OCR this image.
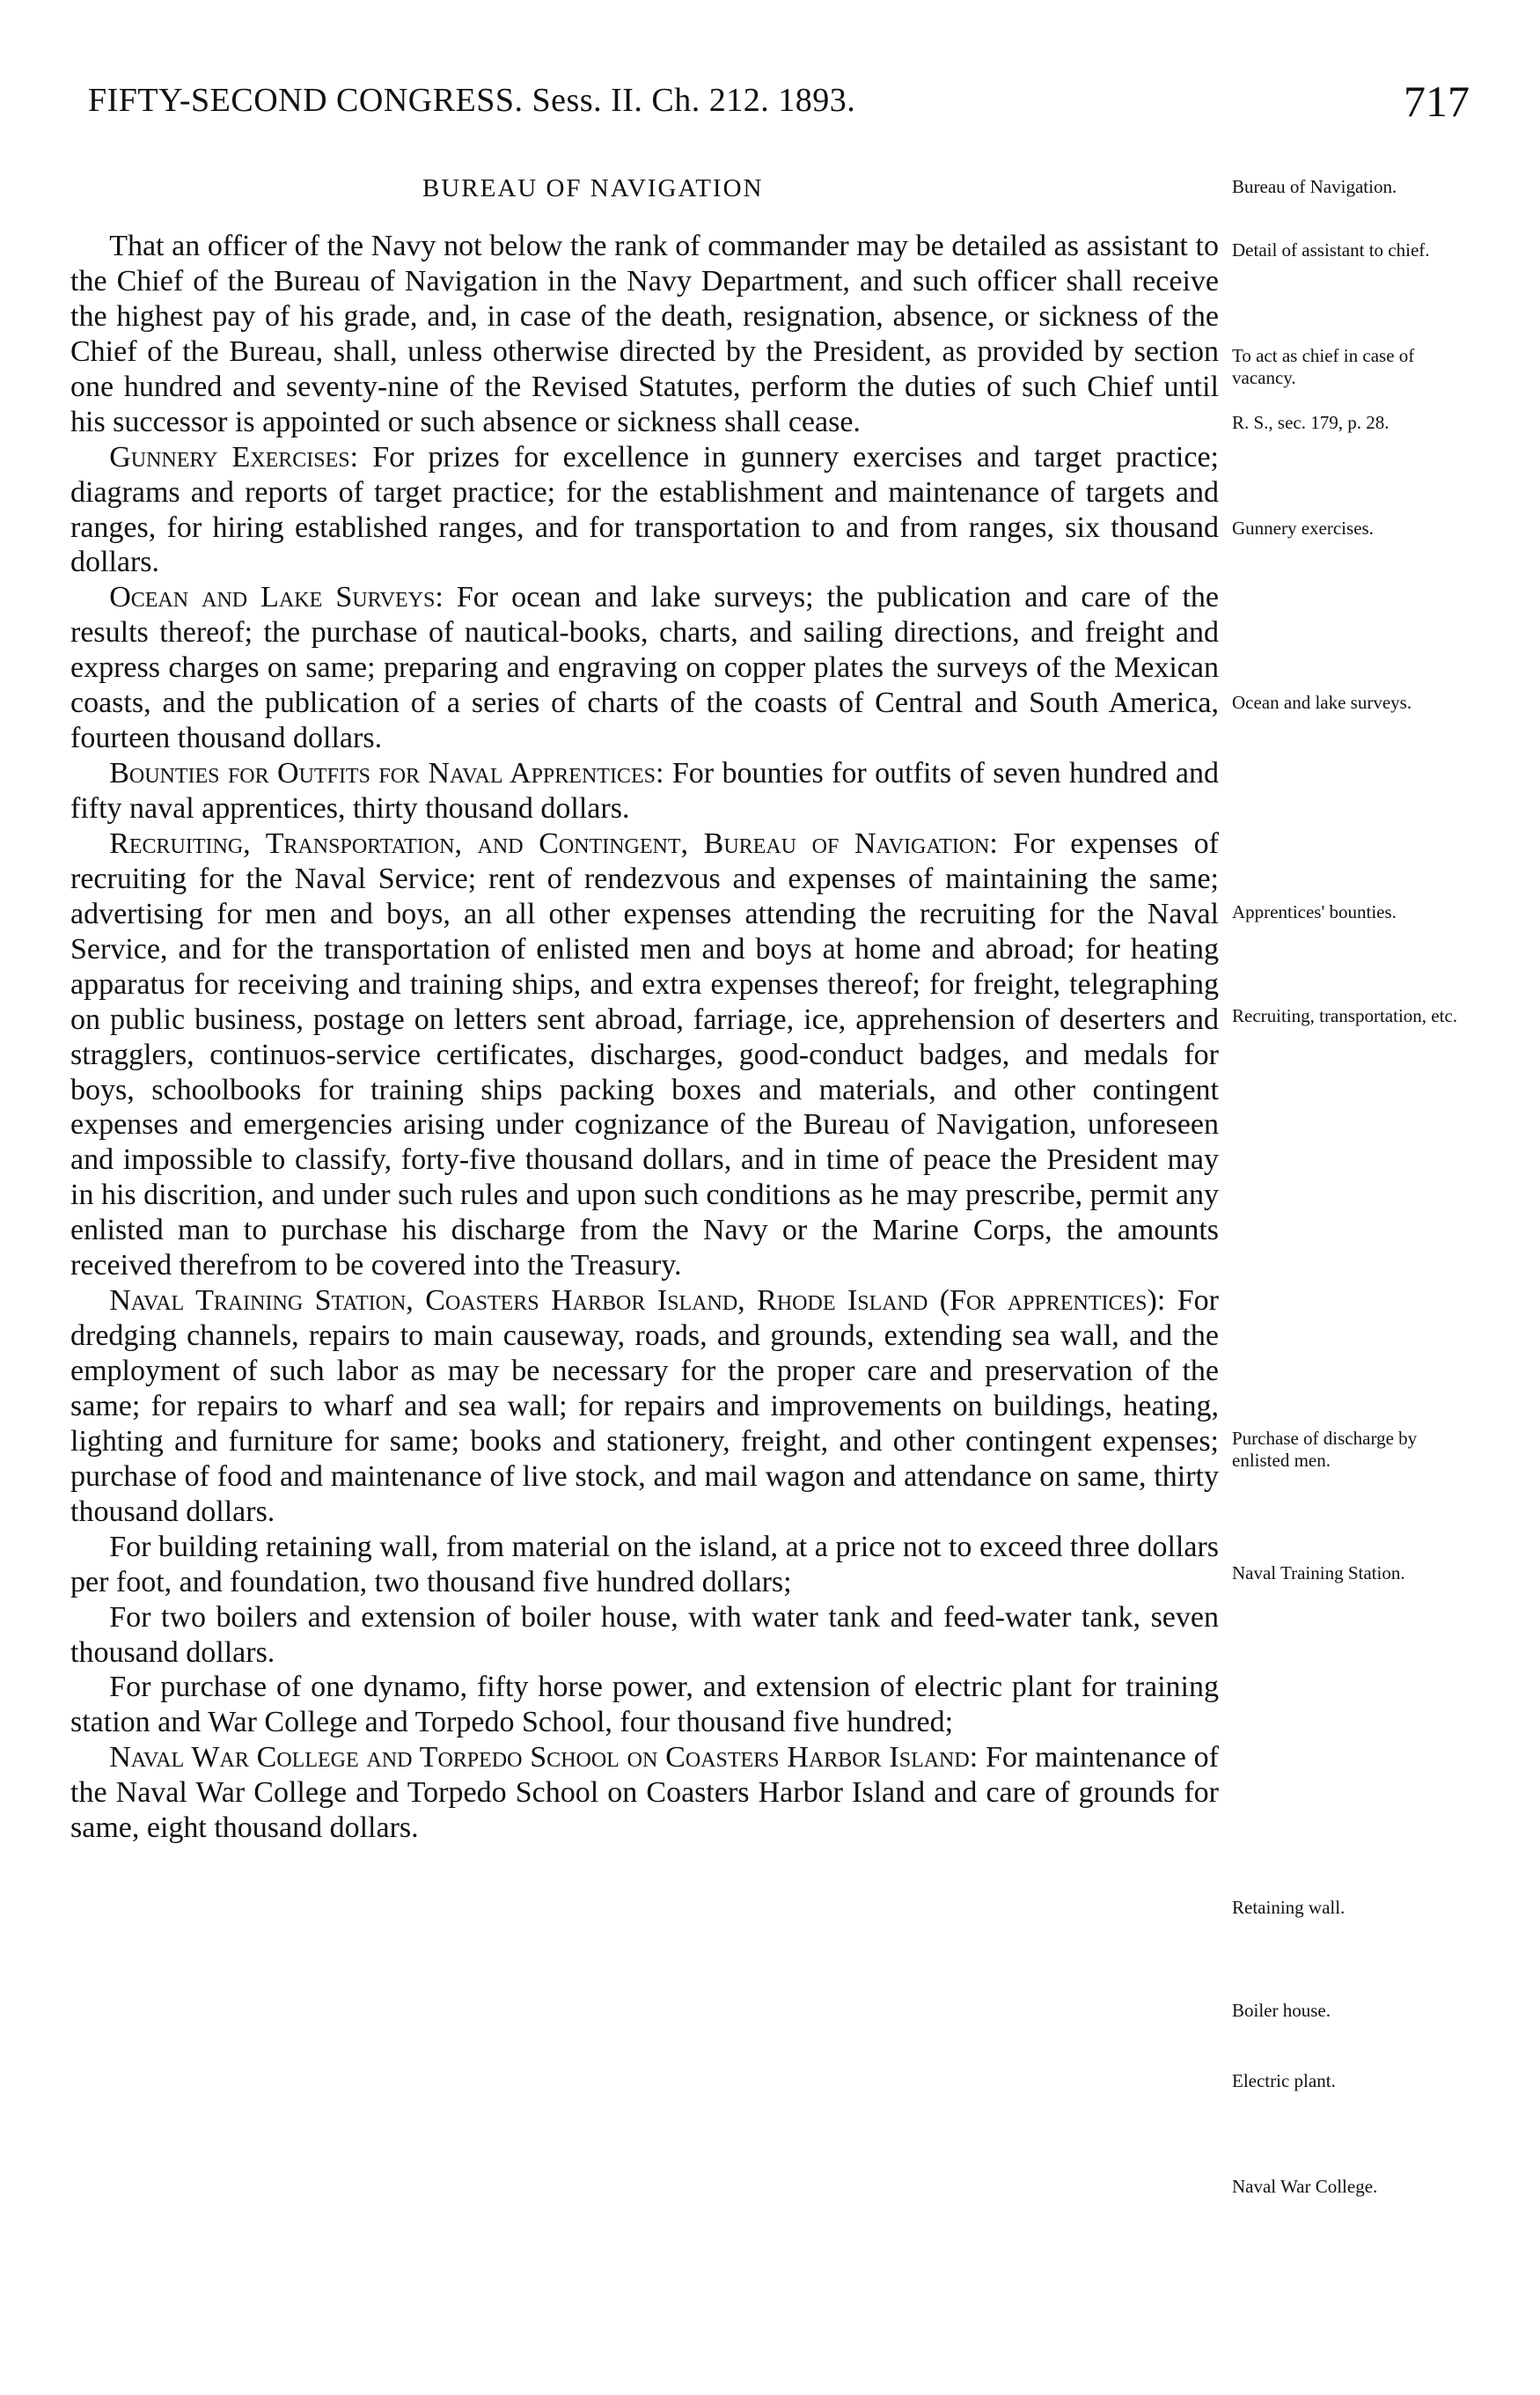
FIFTY-SECOND CONGRESS. Sess. II. Ch. 212. 1893.	717
BUREAU OF NAVIGATION

That an officer of the Navy not below the rank of commander may be detailed as assistant to the Chief of the Bureau of Navigation in the Navy Department, and such officer shall receive the highest pay of his grade, and, in case of the death, resignation, absence, or sickness of the Chief of the Bureau, shall, unless otherwise directed by the President, as provided by section one hundred and seventy-nine of the Revised Statutes, perform the duties of such Chief until his successor is appointed or such absence or sickness shall cease.

Gunnery Exercises: For prizes for excellence in gunnery exercises and target practice; diagrams and reports of target practice; for the establishment and maintenance of targets and ranges, for hiring established ranges, and for transportation to and from ranges, six thousand dollars.

Ocean and Lake Surveys: For ocean and lake surveys; the publication and care of the results thereof; the purchase of nautical-books, charts, and sailing directions, and freight and express charges on same; preparing and engraving on copper plates the surveys of the Mexican coasts, and the publication of a series of charts of the coasts of Central and South America, fourteen thousand dollars.

Bounties for Outfits for Naval Apprentices: For bounties for outfits of seven hundred and fifty naval apprentices, thirty thousand dollars.

Recruiting, Transportation, and Contingent, Bureau of Navigation: For expenses of recruiting for the Naval Service; rent of rendezvous and expenses of maintaining the same; advertising for men and boys, an all other expenses attending the recruiting for the Naval Service, and for the transportation of enlisted men and boys at home and abroad; for heating apparatus for receiving and training ships, and extra expenses thereof; for freight, telegraphing on public business, postage on letters sent abroad, farriage, ice, apprehension of deserters and stragglers, continuos-service certificates, discharges, good-conduct badges, and medals for boys, schoolbooks for training ships packing boxes and materials, and other contingent expenses and emergencies arising under cognizance of the Bureau of Navigation, unforeseen and impossible to classify, forty-five thousand dollars, and in time of peace the President may in his discrition, and under such rules and upon such conditions as he may prescribe, permit any enlisted man to purchase his discharge from the Navy or the Marine Corps, the amounts received therefrom to be covered into the Treasury.

Naval Training Station, Coasters Harbor Island, Rhode Island (For apprentices): For dredging channels, repairs to main causeway, roads, and grounds, extending sea wall, and the employment of such labor as may be necessary for the proper care and preservation of the same; for repairs to wharf and sea wall; for repairs and improvements on buildings, heating, lighting and furniture for same; books and stationery, freight, and other contingent expenses; purchase of food and maintenance of live stock, and mail wagon and attendance on same, thirty thousand dollars.

For building retaining wall, from material on the island, at a price not to exceed three dollars per foot, and foundation, two thousand five hundred dollars;

For two boilers and extension of boiler house, with water tank and feed-water tank, seven thousand dollars.

For purchase of one dynamo, fifty horse power, and extension of electric plant for training station and War College and Torpedo School, four thousand five hundred;

Naval War College and Torpedo School on Coasters Harbor Island: For maintenance of the Naval War College and Torpedo School on Coasters Harbor Island and care of grounds for same, eight thousand dollars.

Bureau of Navigation.
Detail of assistant to chief.
To act as chief in case of vacancy.
R. S., sec. 179, p. 28.
Gunnery exercises.
Ocean and lake surveys.
Apprentices' bounties.
Recruiting, transportation, etc.
Purchase of discharge by enlisted men.
Naval Training Station.
Retaining wall.
Boiler house.
Electric plant.
Naval War College.
